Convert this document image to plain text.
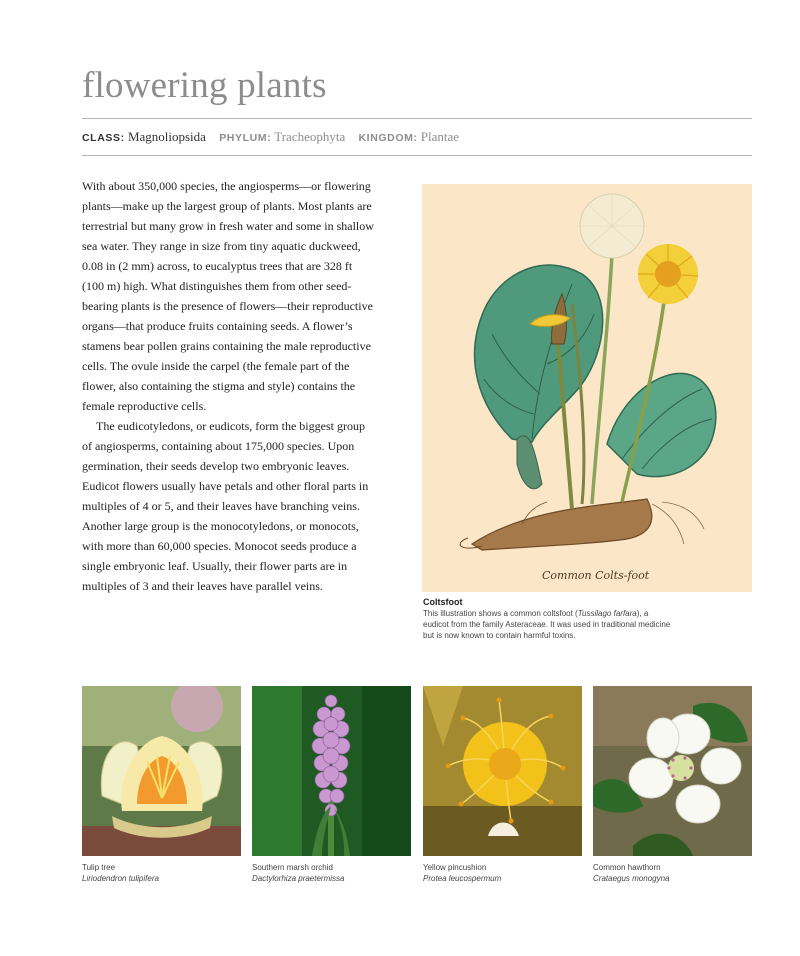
flowering plants
CLASS: Magnoliopsida PHYLUM: Tracheophyta KINGDOM: Plantae

With about 350,000 species, the angiosperms—or flowering plants—make up the largest group of plants. Most plants are terrestrial but many grow in fresh water and some in shallow sea water. They range in size from tiny aquatic duckweed, 0.08 in (2 mm) across, to eucalyptus trees that are 328 ft (100 m) high. What distinguishes them from other seed-bearing plants is the presence of flowers—their reproductive organs—that produce fruits containing seeds. A flower’s stamens bear pollen grains containing the male reproductive cells. The ovule inside the carpel (the female part of the flower, also containing the stigma and style) contains the female reproductive cells.

The eudicotyledons, or eudicots, form the biggest group of angiosperms, containing about 175,000 species. Upon germination, their seeds develop two embryonic leaves. Eudicot flowers usually have petals and other floral parts in multiples of 4 or 5, and their leaves have branching veins. Another large group is the monocotyledons, or monocots, with more than 60,000 species. Monocot seeds produce a single embryonic leaf. Usually, their flower parts are in multiples of 3 and their leaves have parallel veins.

Common Colts-foot
Coltsfoot
This illustration shows a common coltsfoot (Tussilago farfara), a eudicot from the family Asteraceae. It was used in traditional medicine but is now known to contain harmful toxins.
Tulip tree
Liriodendron tulipifera
Southern marsh orchid
Dactylorhiza praetermissa
Yellow pincushion
Protea leucospermum
Common hawthorn
Crataegus monogyna
